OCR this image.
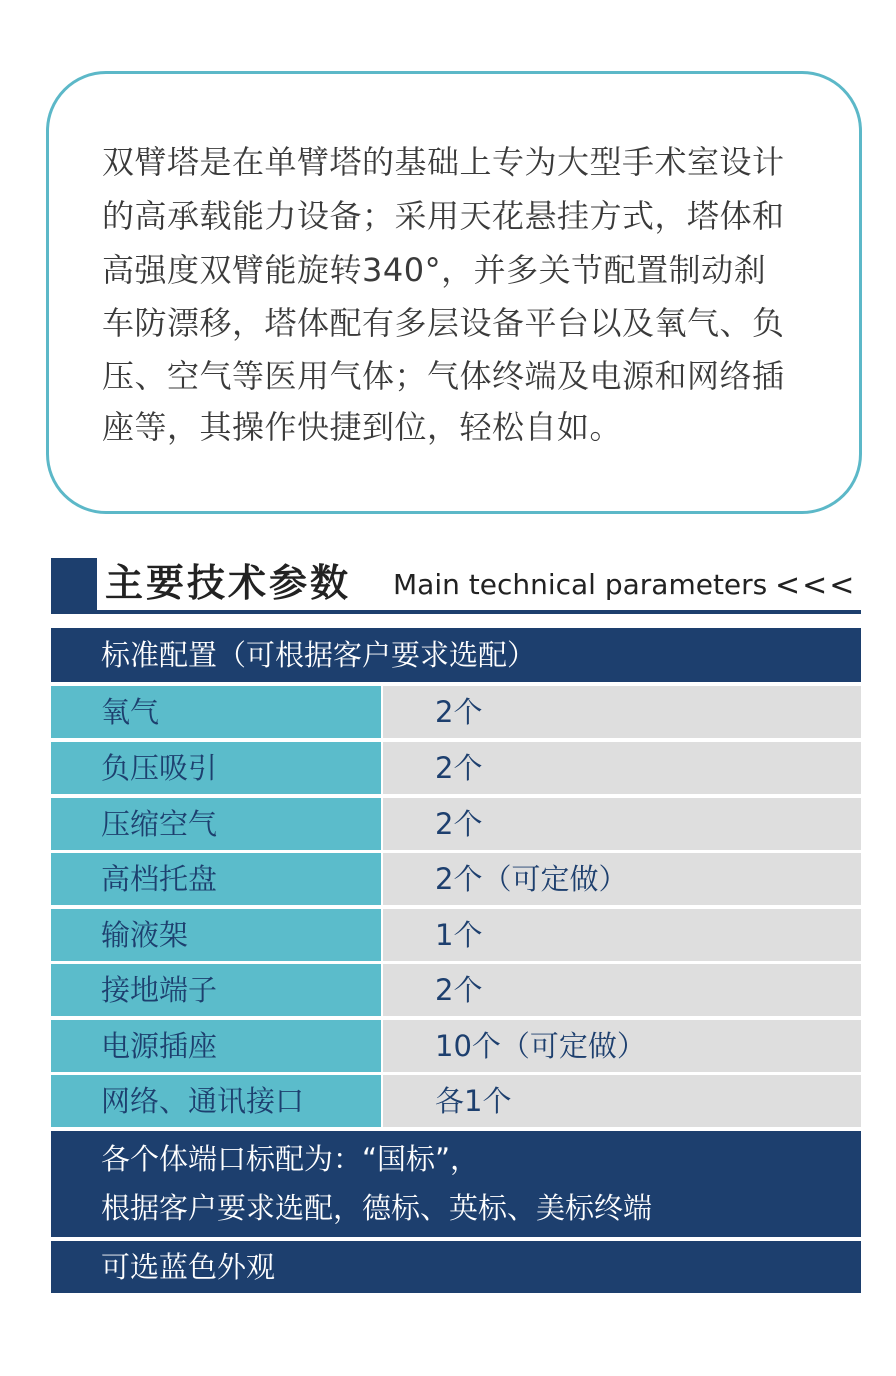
双臂塔是在单臂塔的基础上专为大型手术室设计
的高承载能力设备；采用天花悬挂方式，塔体和
高强度双臂能旋转340°，并多关节配置制动刹
车防漂移，塔体配有多层设备平台以及氧气、负
压、空气等医用气体；气体终端及电源和网络插
座等，其操作快捷到位，轻松自如。
主要技术参数 Main technical parameters <<<
标准配置（可根据客户要求选配）
氧气	2个
负压吸引	2个
压缩空气	2个
高档托盘	2个（可定做）
输液架	1个
接地端子	2个
电源插座	10个（可定做）
网络、通讯接口	各1个
各个体端口标配为：“国标”，
根据客户要求选配，德标、英标、美标终端
可选蓝色外观
